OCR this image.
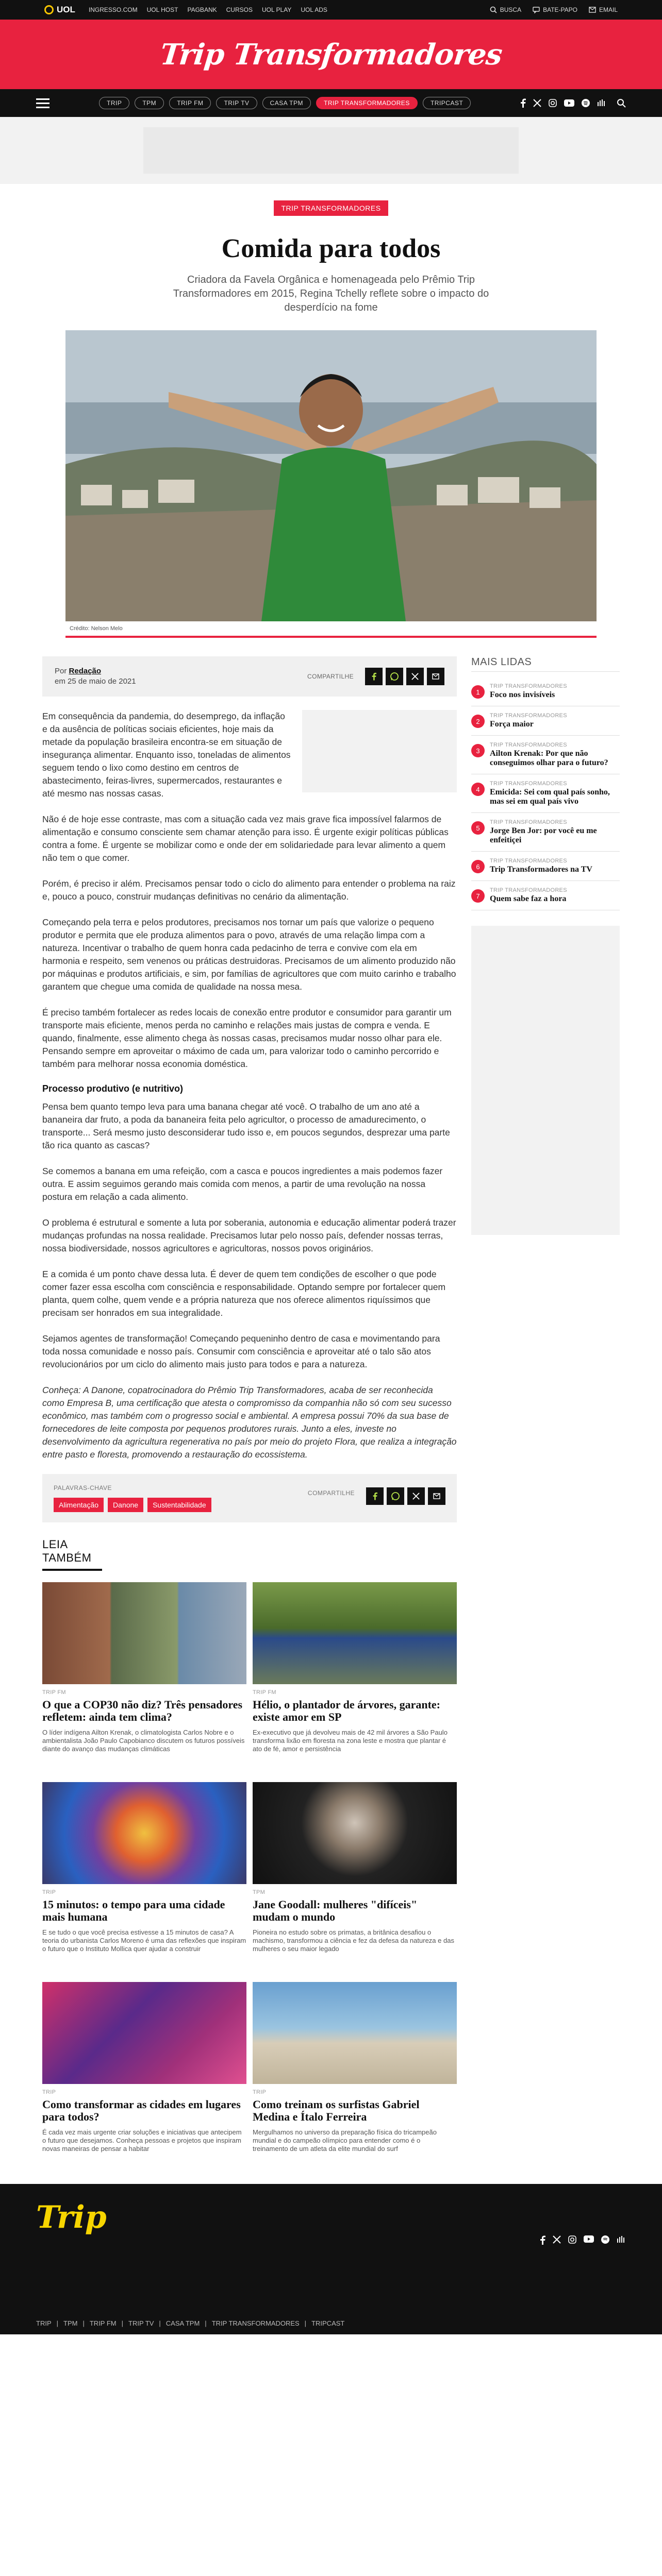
UOL INGRESSO.COM UOL HOST PAGBANK CURSOS UOL PLAY UOL ADS	BUSCA	BATE-PAPO	EMAIL
Trip Transformadores
TRIP	TPM	TRIP FM	TRIP TV	CASA TPM	TRIP TRANSFORMADORES	TRIPCAST
TRIP TRANSFORMADORES
Comida para todos

Criadora da Favela Orgânica e homenageada pelo Prêmio Trip Transformadores em 2015, Regina Tchelly reflete sobre o impacto do desperdício na fome

Crédito: Nelson Melo
Por Redação
em 25 de maio de 2021
COMPARTILHE

Em consequência da pandemia, do desemprego, da inflação e da ausência de políticas sociais eficientes, hoje mais da metade da população brasileira encontra-se em situação de insegurança alimentar. Enquanto isso, toneladas de alimentos seguem tendo o lixo como destino em centros de abastecimento, feiras-livres, supermercados, restaurantes e até mesmo nas nossas casas.

Não é de hoje esse contraste, mas com a situação cada vez mais grave fica impossível falarmos de alimentação e consumo consciente sem chamar atenção para isso. É urgente exigir políticas públicas contra a fome. É urgente se mobilizar como e onde der em solidariedade para levar alimento a quem não tem o que comer.

Porém, é preciso ir além. Precisamos pensar todo o ciclo do alimento para entender o problema na raiz e, pouco a pouco, construir mudanças definitivas no cenário da alimentação.

Começando pela terra e pelos produtores, precisamos nos tornar um país que valorize o pequeno produtor e permita que ele produza alimentos para o povo, através de uma relação limpa com a natureza. Incentivar o trabalho de quem honra cada pedacinho de terra e convive com ela em harmonia e respeito, sem venenos ou práticas destruidoras. Precisamos de um alimento produzido não por máquinas e produtos artificiais, e sim, por famílias de agricultores que com muito carinho e trabalho garantem que chegue uma comida de qualidade na nossa mesa.

É preciso também fortalecer as redes locais de conexão entre produtor e consumidor para garantir um transporte mais eficiente, menos perda no caminho e relações mais justas de compra e venda. E quando, finalmente, esse alimento chega às nossas casas, precisamos mudar nosso olhar para ele. Pensando sempre em aproveitar o máximo de cada um, para valorizar todo o caminho percorrido e também para melhorar nossa economia doméstica.

Processo produtivo (e nutritivo)

Pensa bem quanto tempo leva para uma banana chegar até você. O trabalho de um ano até a bananeira dar fruto, a poda da bananeira feita pelo agricultor, o processo de amadurecimento, o transporte... Será mesmo justo desconsiderar tudo isso e, em poucos segundos, desprezar uma parte tão rica quanto as cascas?

Se comemos a banana em uma refeição, com a casca e poucos ingredientes a mais podemos fazer outra. E assim seguimos gerando mais comida com menos, a partir de uma revolução na nossa postura em relação a cada alimento.

O problema é estrutural e somente a luta por soberania, autonomia e educação alimentar poderá trazer mudanças profundas na nossa realidade. Precisamos lutar pelo nosso país, defender nossas terras, nossa biodiversidade, nossos agricultores e agricultoras, nossos povos originários.

E a comida é um ponto chave dessa luta. É dever de quem tem condições de escolher o que pode comer fazer essa escolha com consciência e responsabilidade. Optando sempre por fortalecer quem planta, quem colhe, quem vende e a própria natureza que nos oferece alimentos riquíssimos que precisam ser honrados em sua integralidade.

Sejamos agentes de transformação! Começando pequeninho dentro de casa e movimentando para toda nossa comunidade e nosso país. Consumir com consciência e aproveitar até o talo são atos revolucionários por um ciclo do alimento mais justo para todos e para a natureza.

Conheça: A Danone, copatrocinadora do Prêmio Trip Transformadores, acaba de ser reconhecida como Empresa B, uma certificação que atesta o compromisso da companhia não só com seu sucesso econômico, mas também com o progresso social e ambiental. A empresa possui 70% da sua base de fornecedores de leite composta por pequenos produtores rurais. Junto a eles, investe no desenvolvimento da agricultura regenerativa no país por meio do projeto Flora, que realiza a integração entre pasto e floresta, promovendo a restauração do ecossistema.

PALAVRAS-CHAVE
Alimentação	Danone	Sustentabilidade
COMPARTILHE
LEIA TAMBÉM
TRIP FM
O que a COP30 não diz? Três pensadores refletem: ainda tem clima?
O líder indígena Ailton Krenak, o climatologista Carlos Nobre e o ambientalista João Paulo Capobianco discutem os futuros possíveis diante do avanço das mudanças climáticas
TRIP FM
Hélio, o plantador de árvores, garante: existe amor em SP
Ex-executivo que já devolveu mais de 42 mil árvores a São Paulo transforma lixão em floresta na zona leste e mostra que plantar é ato de fé, amor e persistência
TRIP
15 minutos: o tempo para uma cidade mais humana
E se tudo o que você precisa estivesse a 15 minutos de casa? A teoria do urbanista Carlos Moreno é uma das reflexões que inspiram o futuro que o Instituto Mollica quer ajudar a construir
TPM
Jane Goodall: mulheres "difíceis" mudam o mundo
Pioneira no estudo sobre os primatas, a britânica desafiou o machismo, transformou a ciência e fez da defesa da natureza e das mulheres o seu maior legado
TRIP
Como transformar as cidades em lugares para todos?
É cada vez mais urgente criar soluções e iniciativas que antecipem o futuro que desejamos. Conheça pessoas e projetos que inspiram novas maneiras de pensar a habitar
TRIP
Como treinam os surfistas Gabriel Medina e Ítalo Ferreira
Mergulhamos no universo da preparação física do tricampeão mundial e do campeão olímpico para entender como é o treinamento de um atleta da elite mundial do surf
MAIS LIDAS
1
TRIP TRANSFORMADORES
Foco nos invisíveis
2
TRIP TRANSFORMADORES
Força maior
3
TRIP TRANSFORMADORES
Ailton Krenak: Por que não conseguimos olhar para o futuro?
4
TRIP TRANSFORMADORES
Emicida: Sei com qual país sonho, mas sei em qual país vivo
5
TRIP TRANSFORMADORES
Jorge Ben Jor: por você eu me enfeitiçei
6
TRIP TRANSFORMADORES
Trip Transformadores na TV
7
TRIP TRANSFORMADORES
Quem sabe faz a hora
Trip
TRIP | TPM | TRIP FM | TRIP TV | CASA TPM | TRIP TRANSFORMADORES | TRIPCAST
